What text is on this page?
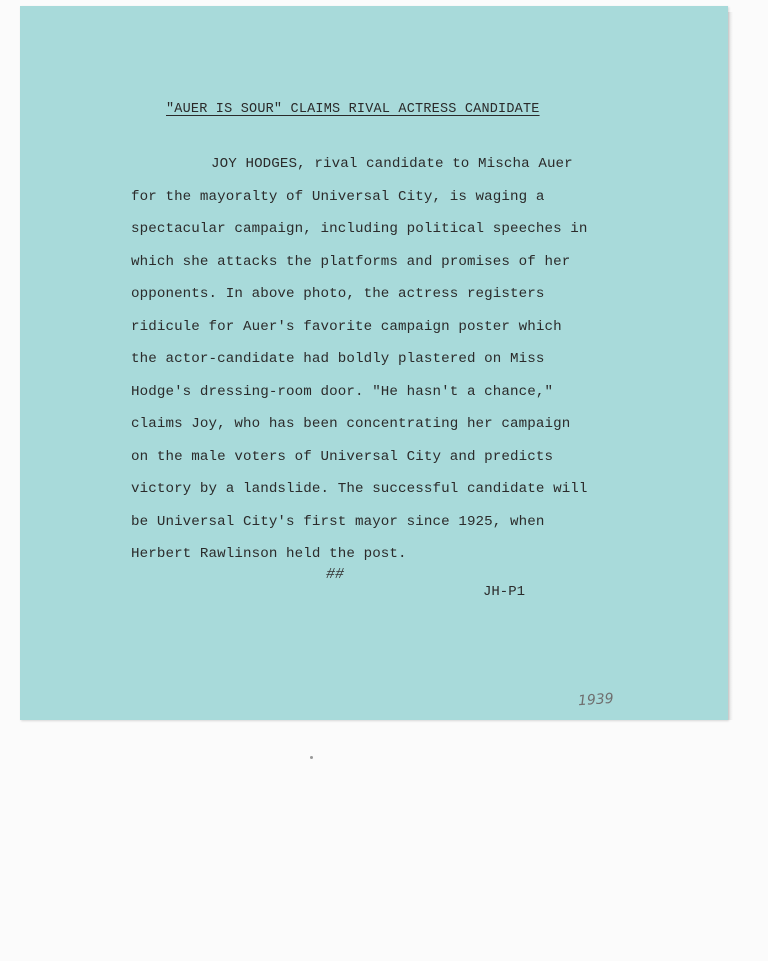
"AUER IS SOUR" CLAIMS RIVAL ACTRESS CANDIDATE
JOY HODGES, rival candidate to Mischa Auer
for the mayoralty of Universal City, is waging a
spectacular campaign, including political speeches in
which she attacks the platforms and promises of her
opponents. In above photo, the actress registers
ridicule for Auer's favorite campaign poster which
the actor-candidate had boldly plastered on Miss
Hodge's dressing-room door. "He hasn't a chance,"
claims Joy, who has been concentrating her campaign
on the male voters of Universal City and predicts
victory by a landslide. The successful candidate will
be Universal City's first mayor since 1925, when
Herbert Rawlinson held the post.
##
JH-P1
1939
